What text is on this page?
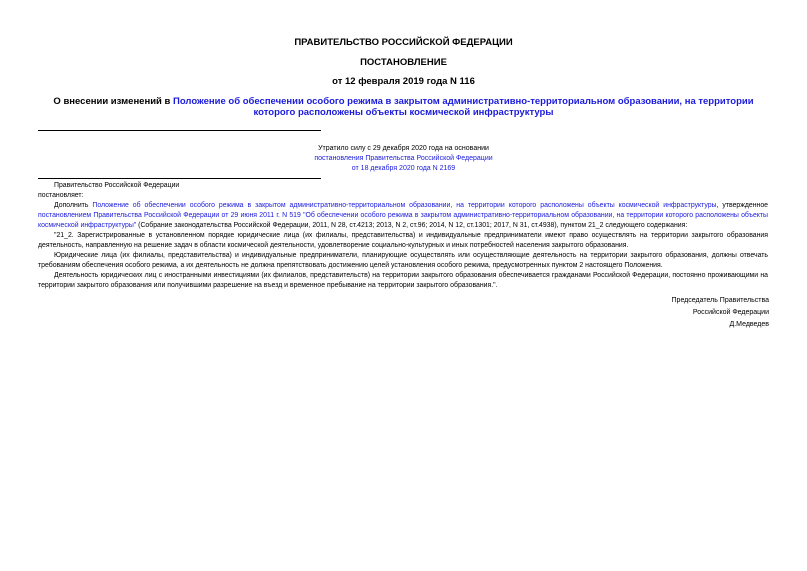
ПРАВИТЕЛЬСТВО РОССИЙСКОЙ ФЕДЕРАЦИИ
ПОСТАНОВЛЕНИЕ
от 12 февраля 2019 года N 116
О внесении изменений в Положение об обеспечении особого режима в закрытом административно-территориальном образовании, на территории которого расположены объекты космической инфраструктуры
Утратило силу с 29 декабря 2020 года на основании
постановления Правительства Российской Федерации
от 18 декабря 2020 года N 2169

Правительство Российской Федерации

постановляет:

Дополнить Положение об обеспечении особого режима в закрытом административно-территориальном образовании, на территории которого расположены объекты космической инфраструктуры, утвержденное постановлением Правительства Российской Федерации от 29 июня 2011 г. N 519 "Об обеспечении особого режима в закрытом административно-территориальном образовании, на территории которого расположены объекты космической инфраструктуры" (Собрание законодательства Российской Федерации, 2011, N 28, ст.4213; 2013, N 2, ст.96; 2014, N 12, ст.1301; 2017, N 31, ст.4938), пунктом 21_2 следующего содержания:

"21_2. Зарегистрированные в установленном порядке юридические лица (их филиалы, представительства) и индивидуальные предприниматели имеют право осуществлять на территории закрытого образования деятельность, направленную на решение задач в области космической деятельности, удовлетворение социально-культурных и иных потребностей населения закрытого образования.

Юридические лица (их филиалы, представительства) и индивидуальные предприниматели, планирующие осуществлять или осуществляющие деятельность на территории закрытого образования, должны отвечать требованиям обеспечения особого режима, а их деятельность не должна препятствовать достижению целей установления особого режима, предусмотренных пунктом 2 настоящего Положения.

Деятельность юридических лиц с иностранными инвестициями (их филиалов, представительств) на территории закрытого образования обеспечивается гражданами Российской Федерации, постоянно проживающими на территории закрытого образования или получившими разрешение на въезд и временное пребывание на территории закрытого образования.".

Председатель Правительства
Российской Федерации
Д.Медведев
